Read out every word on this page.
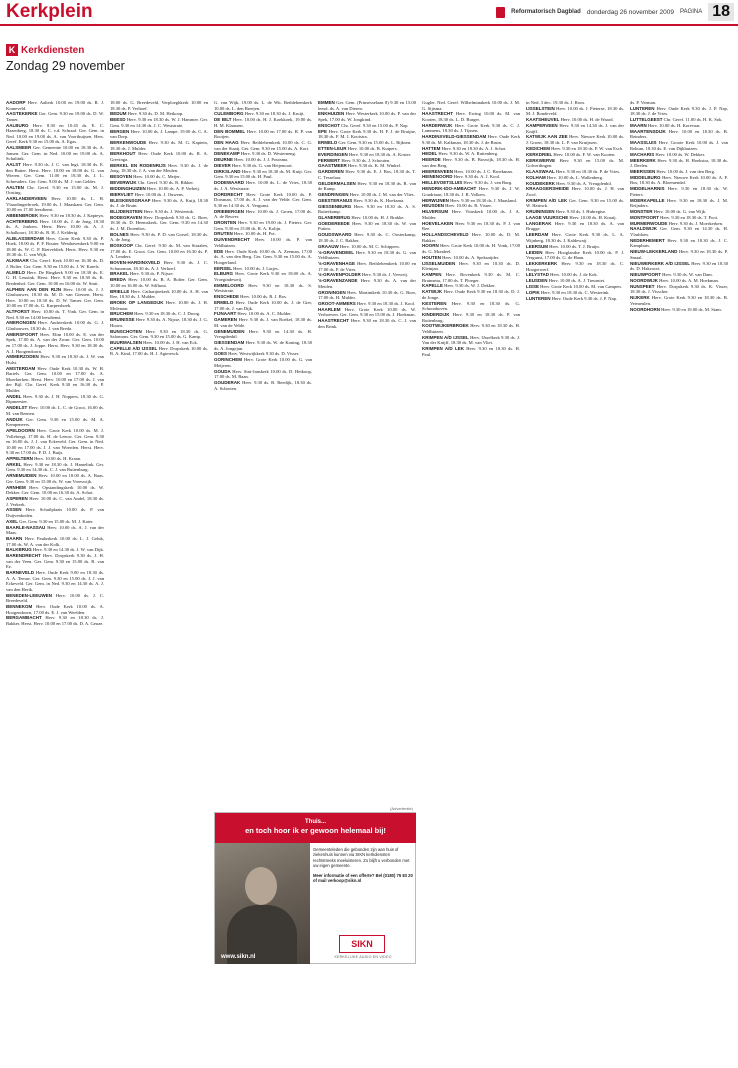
Kerkplein	Reformatorisch Dagblad donderdag 26 november 2009 PAGINA 18
K Kerkdiensten
Zondag 29 november

AADORP Herv. Aalterk 10.00 en 19.00 ds. R. J. Kraneveld.

AAGTEKERKE Ger. Gem. 9.30 en 19.00 ds. D. W. Tamer.

AALBURG Herv. 8.30 en 10.45 ds. E. C. Hazenberg, 18.30 ds. C. v.d. Schraaf. Ger. Gem. in Ned. 10.00 en 19.00 ds. A. van Voorthuijsen. Hers. Geref. Kerk 9.30 en 15.00 ds. A. Egas.

AALSMEER Ger. Gemeente 10.00 en 18.30 ds. A. Jansen. Ger. Gem. in Ned. 10.00 en 19.00 ds. A. Schultink.

AALST Herv. 9.30 ds. J. C. van Ingi, 18.30 ds. E. den Butter. Herst. Herv. 10.00 en 18.00 ds. G. van Wieren. Ger. Gem. 11.00 en 18.30 ds. J. L. Schreuders. Ger. Gem. 9.00 ds. M. J. van Gelder.

AALTEN Chr. Geref. 9.30 en 15.00 ds. M. J. Oosting.

AARLANDERVEEN Herv. 10.00 ds. L. H. Vlaardingerbroek, 19.00 ds. J. Maaskant. Ger. Gem. 10.00 en 17.00 leesdienst.

ABBENBROEK Herv. 9.30 en 18.30 ds. J. Kapteyn.

ACHTERBERG Herv. 10.00 ds. J. de Jong, 18.30 ds. A. Jonkers. Herst. Herv. 10.00 ds. A. J. Schalkoort, 18.30 ds. R. H. J. Kelderig.

ALBLASSERDAM Herv. Grote Kerk 9.30 ds. P. Hoek, 18.00 ds. P. F. Bouter. Westhavenkerk 9.00 en 18.00 ds. W. C. P. Rietveldiek. Herst. Herv. 9.30 en 18.30 ds. C. van Wijk.

ALKMAAR Chr. Geref. Kerk 10.00 en 16.30 ds. D. J. Bolier. Ger. Gem. 9.30 en 15.00 ds. J. W. Karels.

ALMELO Herv. De Ringkerk 9.00 en 18.30 ds. E. G. H. Leusink. Herst. Herv. 9.30 en 18.30 ds. K. Bredenhof. Ger. Gem. 10.00 en 16.00 ds. W. Smit.

ALPHEN AAN DEN RIJN Herv. 10.00 ds. J. J. Glashouwer, 18.30 ds. M. D. van Giessen. Herst. Herv. 10.00 en 18.30 ds. D. W. Tamer. Ger. Gem. 10.00 en 17.00 ds. G. Kurpershoek.

ALTFORST Herv. 10.00 ds. T. Vink. Ger. Gem. in Ned. 9.30 en 14.00 leesdienst.

AMERONGEN Herv. Andrieskerk 10.00 ds. G. J. Glashouwer, 18.30 ds. J. van Breda.

AMERSFOORT Herv. Elim 10.00 ds. E. van der Spek, 17.00 ds. A. van der Zwan. Ger. Gem. 10.00 en 17.00 ds. J. Joppe. Herst. Herv. 9.30 en 18.30 ds. A. J. Hoogendoorn.

AMMERZODEN Herv. 9.30 en 18.30 ds. J. W. van Hulst.

AMSTERDAM Herv. Oude Kerk 10.30 ds. W. H. Bartels. Ger. Gem. 10.00 en 17.00 ds. A. Moerkerken. Herst. Herv. 10.00 en 17.00 ds. J. van der Bijl. Chr. Geref. Kerk 9.30 en 16.30 ds. P. Mulder.

ANDEL Herv. 9.30 ds. J. H. Noppers, 18.30 ds. G. Ripmeester.

ANDELST Herv. 10.00 ds. L. C. de Groot, 16.00 ds. M. van Reenen.

ANDIJK Ger. Gem. 9.30 en 15.00 ds. M. A. Kempeneers.

APELDOORN Herv. Grote Kerk 10.00 ds. M. J. Vollebregt, 17.00 ds. H. de Leeuw. Ger. Gem. 9.30 en 16.00 ds. J. J. van Eckeveld. Ger. Gem. in Ned. 10.00 en 17.00 ds. J. J. van Woerden. Herst. Herv. 9.30 en 17.00 ds. P. D. J. Buijs.

APPELTERN Herv. 10.00 ds. H. Kraan.

ARKEL Herv. 9.30 en 18.30 ds. J. Hamelink. Ger. Gem. 9.30 en 14.30 ds. C. J. van Ruitenburg.

ARNEMUIDEN Herv. 10.00 en 18.00 ds. A. Baas. Ger. Gem. 9.30 en 15.00 ds. W. van Vreeswijk.

ARNHEM Herv. Opstandingskerk 10.00 ds. W. Dekker. Ger. Gem. 10.00 en 16.30 ds. A. Schot.

ASPEREN Herv. 10.00 ds. C. van Andel, 18.30 ds. J. Verkerk.

ASSEN Herv. Schuilplaats 10.00 ds. P. van Duijvenboden.

AXEL Ger. Gem. 9.30 en 15.00 ds. M. J. Kater.

BAARLE-NASSAU Herv. 10.00 ds. A. J. van der Maas.

BAARN Herv. Pauluskerk 10.00 ds. L. J. Geluk, 17.00 ds. W. A. van der Kolk.

BALKBRUG Herv. 9.30 en 14.30 ds. J. W. van Dijk.

BARENDRECHT Herv. Dorpskerk 9.30 ds. J. H. van der Veen. Ger. Gem. 9.30 en 15.00 ds. R. van Ee.

BARNEVELD Herv. Oude Kerk 9.00 en 18.30 ds. A. A. Teeuw. Ger. Gem. 9.30 en 15.00 ds. J. J. van Eckeveld. Ger. Gem. in Ned. 9.30 en 14.30 ds. A. J. van den Herik.

BENEDEN-LEEUWEN Herv. 10.00 ds. J. C. Breedeveld.

BENNEKOM Herv. Oude Kerk 10.00 ds. A. Hoogendoorn, 17.00 ds. E. J. van Weelden.

BERGAMBACHT Herv. 9.30 en 18.30 ds. J. Bakker. Herst. Herv. 10.00 en 17.00 ds. D. A. Geuze.

18.00 ds. G. Breedeveld, Verploeghkerk 10.00 en 18.30 ds. P. Verhoef.

BEDUM Herv. 9.30 ds. D. M. Heikoop.

BEESD Herv. 9.30 en 18.30 ds. W. J. Hammer. Ger. Gem. 9.30 en 14.30 ds. J. C. Weststrate.

BERGEN Herv. 10.00 ds. J. Lampe, 19.00 ds. C. A. van Dorp.

BERKENWOUDE Herv. 9.30 ds. M. G. Kaptein, 18.30 ds. J. Mulder.

BERKHOUT Herv. Oude Kerk 10.00 ds. R. A. Grevinga.

BERKEL EN RODENRIJS Herv. 9.30 ds. J. de Jong, 18.30 ds. J. A. van der Meulen.

BESOYEN Herv. 10.00 ds. C. Meijer.

BEVERWIJK Chr. Geref. 9.30 ds. R. Bikker.

BIDDINGHUIZEN Herv. 10.00 ds. A. P. Verheij.

BIERVLIET Herv. 10.00 ds. J. Ouwens.

BLESKENSGRAAF Herv. 9.30 ds. A. Kuijt, 18.30 ds. J. de Bruin.

BLIJDENSTEIN Herv. 9.30 ds. J. Westerink.

BODEGRAVEN Herv. Dorpskerk 9.30 ds. G. Boer, 18.30 ds. D. Heemskerk. Ger. Gem. 9.30 en 14.30 ds. J. M. Dorenbos.

BOLNES Herv. 9.30 ds. P. D. van Gorsel, 18.30 ds. A. de Jong.

BOSKOOP Chr. Geref. 9.30 ds. M. van Straalen, 17.00 ds. E. Groot. Ger. Gem. 10.00 en 16.30 ds. P. A. Lenders.

BOVEN-HARDINXVELD Herv. 9.30 ds. J. C. Schuurman, 18.30 ds. A. J. Verhoef.

BRAKEL Herv. 9.30 ds. P. Nijsse.

BREDA Herv. 10.00 ds. B. A. Bolier. Ger. Gem. 10.00 en 16.00 ds. W. Silfhout.

BRIELLE Herv. Catharijnekerk 10.00 ds. A. H. van Ree, 18.30 ds. J. Mulder.

BROEK OP LANGEDIJK Herv. 10.00 ds. J. H. Molenaar.

BRUCHEM Herv. 9.30 en 18.30 ds. C. J. Droog.

BRUINISSE Herv. 9.30 ds. A. Nijsse, 18.30 ds. J. G. Hoorn.

BUNSCHOTEN Herv. 9.30 en 18.30 ds. G. Salomons. Ger. Gem. 9.30 en 15.00 ds. G. Kamp.

BUURMALSEN Herv. 10.00 ds. J. H. van Eck.

CAPELLE A/D IJSSEL Herv. Dorpskerk 10.00 ds. R. A. Kind, 17.00 ds. H. J. Agteresch.

G. van Wijk, 19.00 ds. L. de Wit. Bethlehemkerk 10.00 ds. L. den Breejen.

CULEMBORG Herv. 9.30 en 18.30 ds. J. Kruijt.

DE BILT Herv. 10.00 ds. H. J. Koekkoek, 19.00 ds. H. M. Klaassen.

DEN BOMMEL Herv. 10.00 en 17.00 ds. R. P. van Rooijen.

DEN HAAG Herv. Bethlehemkerk 10.00 ds. C. G. van der Staaij. Ger. Gem. 9.30 en 15.00 ds. A. Kort.

DENEKAMP Herv. 9.30 ds. D. Westerneng.

DEURNE Herv. 10.00 ds. J. J. Poutsma.

DIEVER Herv. 9.30 ds. G. van Heijenoort.

DIRKSLAND Herv. 9.30 en 18.30 ds. M. Kuijt. Ger. Gem. 9.30 en 15.00 ds. H. Paul.

DODEWAARD Herv. 10.00 ds. L. de Vries, 18.30 ds. J. A. Weststrate.

DORDRECHT Herv. Grote Kerk 10.00 ds. P. Dorsman, 17.00 ds. A. J. van der Velde. Ger. Gem. 9.30 en 14.30 ds. A. Vergunst.

DRIEBERGEN Herv. 10.00 ds. J. Groen, 17.00 ds. A. de Reuver.

DRONTEN Herv. 9.30 en 19.00 ds. J. Pieters. Ger. Gem. 9.30 en 15.00 ds. R. A. Kolijn.

DRUTEN Herv. 10.00 ds. H. Pot.

DUIVENDRECHT Herv. 10.00 ds. P. van Veldhuizen.

EDE Herv. Oude Kerk 10.00 ds. A. Zeeman, 17.00 ds. A. van den Berg. Ger. Gem. 9.30 en 15.00 ds. A. Hoogerland.

EERSEL Herv. 10.00 ds. J. Lutjes.

ELBURG Herv. Grote Kerk 9.30 en 18.00 ds. A. Vroegindeweij.

EMMELOORD Herv. 9.30 en 18.30 ds. S. Weststrate.

ENSCHEDE Herv. 10.00 ds. B. J. Bos.

ERMELO Herv. Oude Kerk 10.00 ds. J. de Gier, 17.00 ds. J. van Dijk.

FIJNAART Herv. 10.00 ds. A. C. Mulder.

GAMEREN Herv. 9.30 ds. J. van Roekel, 18.30 ds. M. van de Velde.

GENEMUIDEN Herv. 9.30 en 14.30 ds. H. Vreugdenhil.

GIESSENDAM Herv. 9.30 ds. W. de Koning, 18.30 ds. A. Jongejan.

GOES Herv. Westwijkkerk 9.30 ds. D. Visser.

GORINCHEM Herv. Grote Kerk 10.00 ds. G. van Meijeren.

GOUDA Herv. Sint-Janskerk 10.00 ds. D. Heikoop, 17.00 ds. M. Baan.

GOUDERAK Herv. 9.30 ds. B. Reedijk, 18.30 ds. A. Schroten.

EMMEN Ger. Gem. (Prinsesselaan 8) 9.30 en 15.00 leesd. ds. A. van Dieren.

ENKHUIZEN Herv. Westerkerk 10.00 ds. P. van der Spek, 17.00 ds. W. Jongkind.

ENSCHOT Chr. Geref. 9.30 en 15.00 ds. P. Nap.

EPE Herv. Grote Kerk 9.30 ds. H. F. J. de Bruijne, 18.30 ds. F. M. J. Kooistra.

ERMELO Ger. Gem. 9.30 en 15.00 ds. L. Rijksen.

ETTEN-LEUR Herv. 10.00 ds. B. Kuipers.

EVERDINGEN Herv. 9.30 en 18.30 ds. A. Koster.

FERWERT Herv. 9.30 ds. J. Schouten.

GAASTMEER Herv. 9.30 ds. K. M. Winkel.

GARDEREN Herv. 9.30 ds. E. J. Bos, 18.30 ds. T. C. Tesselaar.

GELDERMALSEN Herv. 9.30 en 18.30 ds. R. van de Kamp.

GENDRINGEN Herv. 10.00 ds. J. M. van der Vlies.

GEESTERANUS Herv. 9.30 ds. K. Hoeksma.

GIESSENBURG Herv. 9.30 en 18.30 ds. A. S. Ruiterkamp.

GLANERBRUG Herv. 10.00 ds. H. J. Brakke.

GOEDEREEDE Herv. 9.30 en 18.30 ds. W. van Putten.

GOUDSWAARD Herv. 9.30 ds. C. Oosterkamp, 18.30 ds. J. C. Bakker.

GRAAUW Herv. 10.00 ds. M. C. Schippers.

's-GRAVENDEEL Herv. 9.30 en 18.30 ds. G. van Veldhuizen.

's-GRAVENHAGE Herv. Bethlehemkerk 10.00 en 17.00 ds. P. de Vries.

's-GRAVENPOLDER Herv. 9.30 ds. J. Verweij.

's-GRAVENZANDE Herv. 9.30 ds. A. van der Meiden.

GRONINGEN Herv. Martinikerk 10.30 ds. G. Boer, 17.00 ds. H. Mulder.

GROOT-AMMERS Herv. 9.30 en 18.30 ds. J. Kool.

HAARLEM Herv. Grote Kerk 10.00 ds. W. Verhoeven. Ger. Gem. 9.30 en 15.00 ds. J. Hoekman.

HAASTRECHT Herv. 9.30 en 18.30 ds. C. J. van den Brink.

Gugler. Ned. Geref. Wilhelminakerk 10.00 ds. J. M. G. Sijtsma.

HAASTRECHT Herv. Ewing 10.00 ds. M. van Kooten, 18.30 ds. L. D. Burger.

HARDERWIJK Herv. Grote Kerk 9.30 ds. C. J. Lammens, 18.30 ds. J. Tijssen.

HARDINXVELD-GIESSENDAM Herv. Oude Kerk 9.30 ds. M. Kalkman, 18.30 ds. J. de Bruin.

HATTEM Herv. 9.30 en 18.30 ds. A. J. Schot.

HEDEL Herv. 9.30 ds. W. A. Ruitenberg.

HEERDE Herv. 9.30 ds. B. Boswijk, 18.30 ds. H. van den Berg.

HEERENVEEN Herv. 10.00 ds. J. C. Broekman.

HEINENOORD Herv. 9.30 ds. A. J. Kool.

HELLEVOETSLUIS Herv. 9.30 ds. J. van Burg.

HENDRIK-IDO-AMBACHT Herv. 9.30 ds. J. W. Goudriaan, 18.30 ds. J. R. Volkers.

HERWIJNEN Herv. 9.30 en 18.30 ds. J. Maasland.

HEUSDEN Herv. 10.00 ds. R. Visser.

HILVERSUM Herv. Vituskerk 10.00 ds. J. A. Mulder.

HOEVELAKEN Herv. 9.30 en 18.30 ds. P. J. van Ree.

HOLLANDSCHEVELD Herv. 10.00 ds. D. M. Bakker.

HOORN Herv. Grote Kerk 10.00 ds. H. Vonk, 17.00 ds. G. Mondeel.

HOUTEN Herv. 10.00 ds. A. Speksnijder.

IJSSELMUIDEN Herv. 9.30 en 18.30 ds. D. Kleinjan.

KAMPEN Herv. Bovenkerk 9.30 ds. M. C. Bruinsma, 17.00 ds. T. Ploeger.

KAPELLE Herv. 9.30 ds. W. J. Dekker.

KATWIJK Herv. Oude Kerk 9.30 en 18.30 ds. D. J. de Jonge.

KESTEREN Herv. 9.30 en 18.30 ds. G. Schoonhoven.

KINDERDIJK Herv. 9.30 en 18.30 ds. P. van Ruitenburg.

KOOTWIJKERBROEK Herv. 9.30 en 18.30 ds. H. Veldhuizen.

KRIMPEN A/D IJSSEL Herv. IJsselkerk 9.30 ds. J. Van der Knijff, 18.30 ds. M. van Vliet.

KRIMPEN A/D LEK Herv. 9.30 en 18.30 ds. H. Paul.

in Ned. 3 dec. 19.30 ds. J. Roos.

IJSSELSTEIN Herv. 10.00 ds. J. Pieterse, 18.30 ds. M. J. Bondeveld.

KAATSHEUVEL Herv. 10.00 ds. H. de Waard.

KAMPERVEEN Herv. 9.30 en 14.30 ds. J. van der Knijff.

KATWIJK AAN ZEE Herv. Nieuwe Kerk 10.00 ds. J. Groen, 18.30 ds. L. P. van Kruijssen.

KEDICHEM Herv. 9.30 en 18.30 ds. P. W. van Esch.

KERKDRIEL Herv. 10.00 ds. F. W. van Kooten.

KERKWERVE Herv. 9.30 en 15.00 ds. M. Golverdingen.

KLAASWAAL Herv. 9.30 en 18.30 ds. P. de Vries.

KOLHAM Herv. 10.00 ds. L. Wallenberg.

KOUDEKERK Herv. 9.30 ds. A. Vreugdenhil.

KRAAGGERSHEIDE Herv. 10.00 ds. J. H. van Zwol.

KRIMPEN A/D LEK Ger. Gem. 9.30 en 15.00 ds. W. Harinck.

KRUININGEN Herv. 9.30 ds. I. Hubregtse.

LAAGE VUURSCHE Herv. 10.00 ds. H. Kraaij.

LANGERAK Herv. 9.30 en 18.30 ds. A. van Brugge.

LEERDAM Herv. Grote Kerk 9.30 ds. L. A. Wijnberg, 18.30 ds. J. Kaldewaij.

LEERSUM Herv. 10.00 ds. T. J. Bruijn.

LEIDEN Herv. Hooglandse Kerk 10.00 ds. P. J. Vergunst, 17.00 ds. G. de Haan.

LEKKERKERK Herv. 9.30 en 18.30 ds. C. Hoogerwerf.

LELYSTAD Herv. 10.00 ds. J. de Kok.

LEUSDEN Herv. 10.00 ds. A. J. Treurniet.

LISSE Herv. Grote Kerk 10.00 ds. M. van Campen.

LOPIK Herv. 9.30 en 18.30 ds. C. Westerink.

LUNTEREN Herv. Oude Kerk 9.30 ds. J. P. Nap.

ds. P. Verman.

LUNTEREN Herv. Oude Kerk 9.30 ds. J. P. Nap, 18.30 ds. J. de Vries.

LUTTELGEEST Chr. Geref. 11.00 ds. H. K. Sok.

MAARN Herv. 10.00 ds. H. Korevaar.

MAARTENSDIJK Herv. 10.00 en 18.30 ds. B. Reinders.

MAASSLUIS Herv. Groote Kerk 10.00 ds. J. van Rekum, 18.30 ds. E. van Dijkhuizen.

MACHARIS Herv. 10.00 ds. W. Dekker.

MEERKERK Herv. 9.30 ds. H. Hoekstra, 18.30 ds. J. Deelen.

MEERSSEN Herv. 10.00 ds. J. van den Berg.

MIDDELBURG Herv. Nieuwe Kerk 10.00 ds. A. F. Bos, 18.30 ds. A. Bloemendal.

MIDDELHARNIS Herv. 9.30 en 18.30 ds. W. Pieters.

MOERKAPELLE Herv. 9.30 en 18.30 ds. J. M. Reijnders.

MONSTER Herv. 10.00 ds. G. van Wijk.

MONTFOORT Herv. 9.30 en 18.30 ds. T. Poot.

MURMERWOUDE Herv. 9.30 ds. J. Moerkerken.

NAALDWIJK Ger. Gem. 9.30 en 14.30 ds. H. Vlasblom.

NEDERHEMERT Herv. 9.30 en 18.30 ds. J. C. Kamphuis.

NIEUW-LEKKERLAND Herv. 9.30 en 18.30 ds. P. Smaal.

NIEUWERKERK A/D IJSSEL Herv. 9.30 en 18.30 ds. D. Hakvoort.

NIEUWPOORT Herv. 9.30 ds. W. van Dam.

NOORDWIJK Herv. 10.00 ds. A. M. Hoekman.

NUNSPEET Herv. Dorpskerk 9.30 ds. K. Visser, 18.30 ds. J. Visscher.

NIJKERK Herv. Grote Kerk 9.30 en 18.30 ds. B. Vermeulen.

NOORDHORN Herv. 9.30 en 19.00 ds. M. Stam.

(Advertentie)
Thuis...
en toch hoor ik er gewoon helemaal bij!
www.sikn.nl
Gemeenteleden die gebonden zijn aan huis of ziekenhuis kunnen via SIKN kerkdiensten rechtstreeks meeluisteren. Zo blijft u verbonden met uw eigen gemeente.
Meer informatie of een offerte? Bel (0180) 75 83 20 of mail verkoop@sikn.nl
SIKN
KERKELIJKE AUDIO EN VIDEO
